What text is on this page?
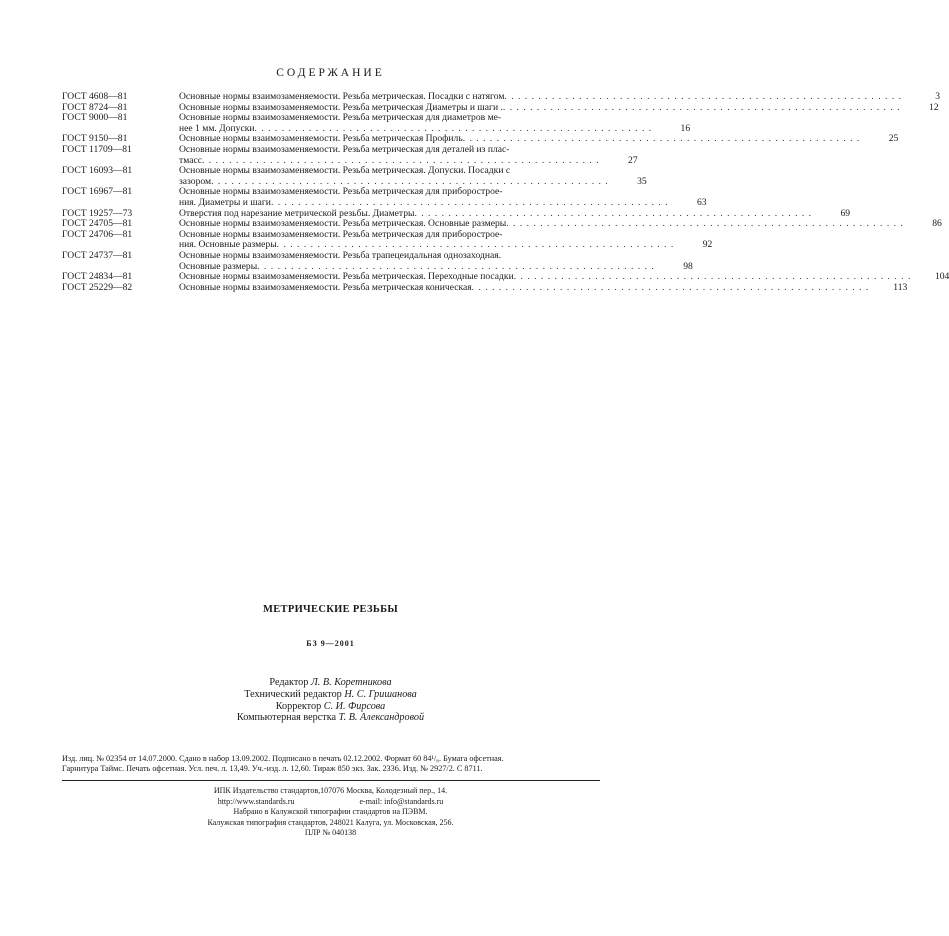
СОДЕРЖАНИЕ
ГОСТ 4608—81	Основные нормы взаимозаменяемости. Резьба метрическая. Посадки с натягом . . .	3
ГОСТ 8724—81	Основные нормы взаимозаменяемости. Резьба метрическая Диаметры и шаги . . . .	12
ГОСТ 9000—81	Основные нормы взаимозаменяемости. Резьба метрическая для диаметров ме-
нее 1 мм. Допуски . . .	16
ГОСТ 9150—81	Основные нормы взаимозаменяемости. Резьба метрическая Профиль . . .	25
ГОСТ 11709—81	Основные нормы взаимозаменяемости. Резьба метрическая для деталей из плас-
тмасс . . .	27
ГОСТ 16093—81	Основные нормы взаимозаменяемости. Резьба метрическая. Допуски. Посадки с
зазором . . .	35
ГОСТ 16967—81	Основные нормы взаимозаменяемости. Резьба метрическая для приборострое-
ния. Диаметры и шаги . . .	63
ГОСТ 19257—73	Отверстия под нарезание метрической резьбы. Диаметры . . .	69
ГОСТ 24705—81	Основные нормы взаимозаменяемости. Резьба метрическая. Основные размеры . . .	86
ГОСТ 24706—81	Основные нормы взаимозаменяемости. Резьба метрическая для приборострое-
ния. Основные размеры . . .	92
ГОСТ 24737—81	Основные нормы взаимозаменяемости. Резьба трапецеидальная однозаходная.
Основные размеры . . .	98
ГОСТ 24834—81	Основные нормы взаимозаменяемости. Резьба метрическая. Переходные посадки . . .	104
ГОСТ 25229—82	Основные нормы взаимозаменяемости. Резьба метрическая коническая . . .	113
МЕТРИЧЕСКИЕ РЕЗЬБЫ
БЗ 9—2001
Редактор Л. В. Коретникова
Технический редактор Н. С. Гришанова
Корректор С. И. Фирсова
Компьютерная верстка Т. В. Александровой
Изд. лиц. № 02354 от 14.07.2000. Сдано в набор 13.09.2002. Подписано в печать 02.12.2002. Формат 60 84¹/₈. Бумага офсетная.
Гарнитура Таймс. Печать офсетная. Усл. печ. л. 13,49. Уч.-изд. л. 12,60. Тираж 850 экз. Зак. 2336. Изд. № 2927/2. С 8711.
ИПК Издательство стандартов,107076 Москва, Колодезный пер., 14.
http://www.standards.ru	e-mail: info@standards.ru
Набрано в Калужской типографии стандартов на ПЭВМ.
Калужская типография стандартов, 248021 Калуга, ул. Московская, 256.
ПЛР № 040138
